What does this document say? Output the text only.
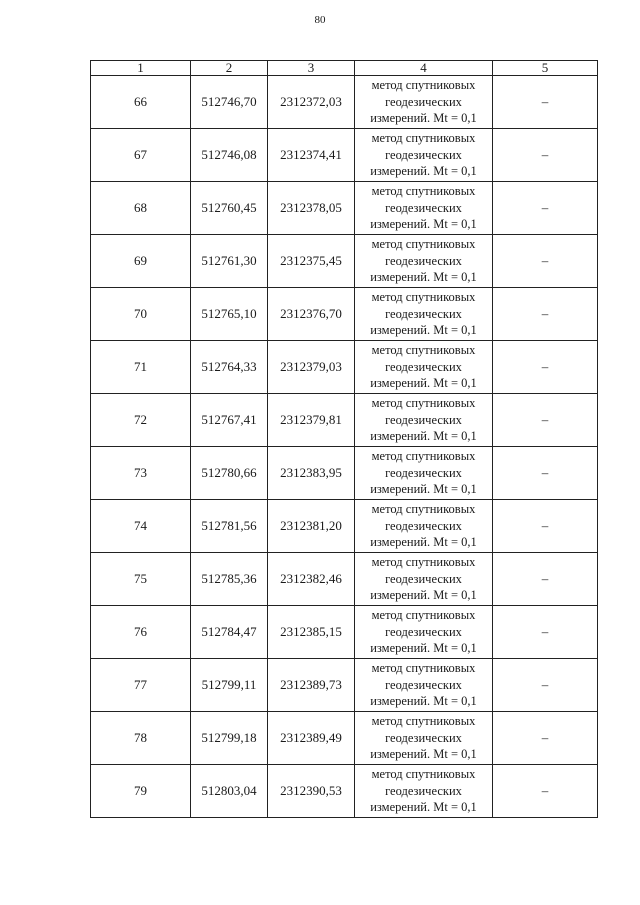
80
1	2	3	4	5
66	512746,70	2312372,03	метод спутниковых
геодезических
измерений. Mt = 0,1	–
67	512746,08	2312374,41	метод спутниковых
геодезических
измерений. Mt = 0,1	–
68	512760,45	2312378,05	метод спутниковых
геодезических
измерений. Mt = 0,1	–
69	512761,30	2312375,45	метод спутниковых
геодезических
измерений. Mt = 0,1	–
70	512765,10	2312376,70	метод спутниковых
геодезических
измерений. Mt = 0,1	–
71	512764,33	2312379,03	метод спутниковых
геодезических
измерений. Mt = 0,1	–
72	512767,41	2312379,81	метод спутниковых
геодезических
измерений. Mt = 0,1	–
73	512780,66	2312383,95	метод спутниковых
геодезических
измерений. Mt = 0,1	–
74	512781,56	2312381,20	метод спутниковых
геодезических
измерений. Mt = 0,1	–
75	512785,36	2312382,46	метод спутниковых
геодезических
измерений. Mt = 0,1	–
76	512784,47	2312385,15	метод спутниковых
геодезических
измерений. Mt = 0,1	–
77	512799,11	2312389,73	метод спутниковых
геодезических
измерений. Mt = 0,1	–
78	512799,18	2312389,49	метод спутниковых
геодезических
измерений. Mt = 0,1	–
79	512803,04	2312390,53	метод спутниковых
геодезических
измерений. Mt = 0,1	–
